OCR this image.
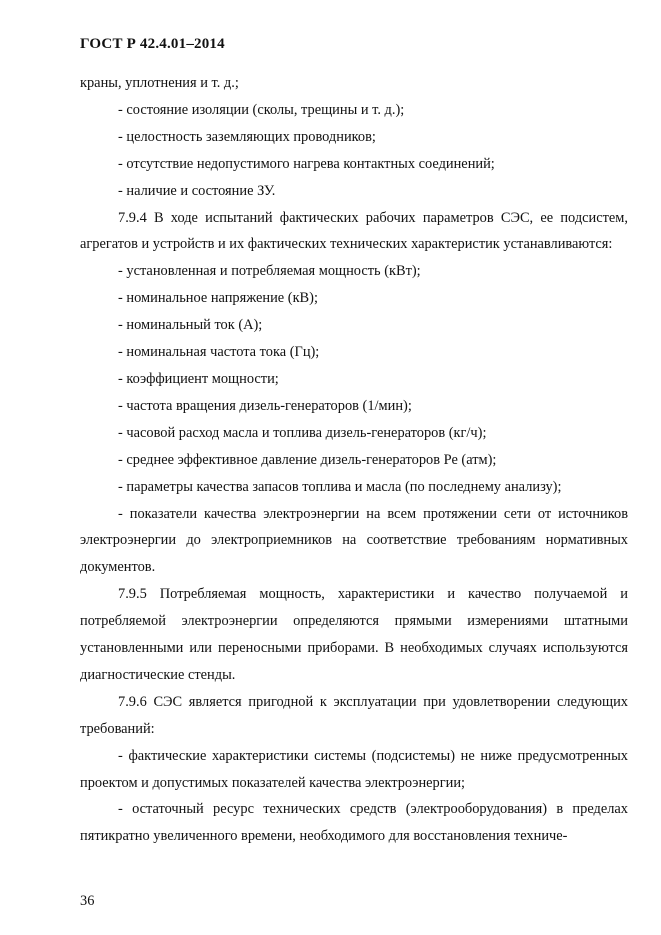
ГОСТ Р 42.4.01–2014

краны, уплотнения и т. д.;

- состояние изоляции (сколы, трещины и т. д.);

- целостность заземляющих проводников;

- отсутствие недопустимого нагрева контактных соединений;

- наличие и состояние ЗУ.

7.9.4 В ходе испытаний фактических рабочих параметров СЭС, ее подсистем, агрегатов и устройств и их фактических технических характеристик устанавливаются:

- установленная и потребляемая мощность (кВт);

- номинальное напряжение (кВ);

- номинальный ток (А);

- номинальная частота тока (Гц);

- коэффициент мощности;

- частота вращения дизель-генераторов (1/мин);

- часовой расход масла и топлива дизель-генераторов (кг/ч);

- среднее эффективное давление дизель-генераторов Ре (атм);

- параметры качества запасов топлива и масла (по последнему анализу);

- показатели качества электроэнергии на всем протяжении сети от источников электроэнергии до электроприемников на соответствие требованиям нормативных документов.

7.9.5 Потребляемая мощность, характеристики и качество получаемой и потребляемой электроэнергии определяются прямыми измерениями штатными установленными или переносными приборами. В необходимых случаях используются диагностические стенды.

7.9.6 СЭС является пригодной к эксплуатации при удовлетворении следующих требований:

- фактические характеристики системы (подсистемы) не ниже предусмотренных проектом и допустимых показателей качества электроэнергии;

- остаточный ресурс технических средств (электрооборудования) в пределах пятикратно увеличенного времени, необходимого для восстановления техниче-

36
